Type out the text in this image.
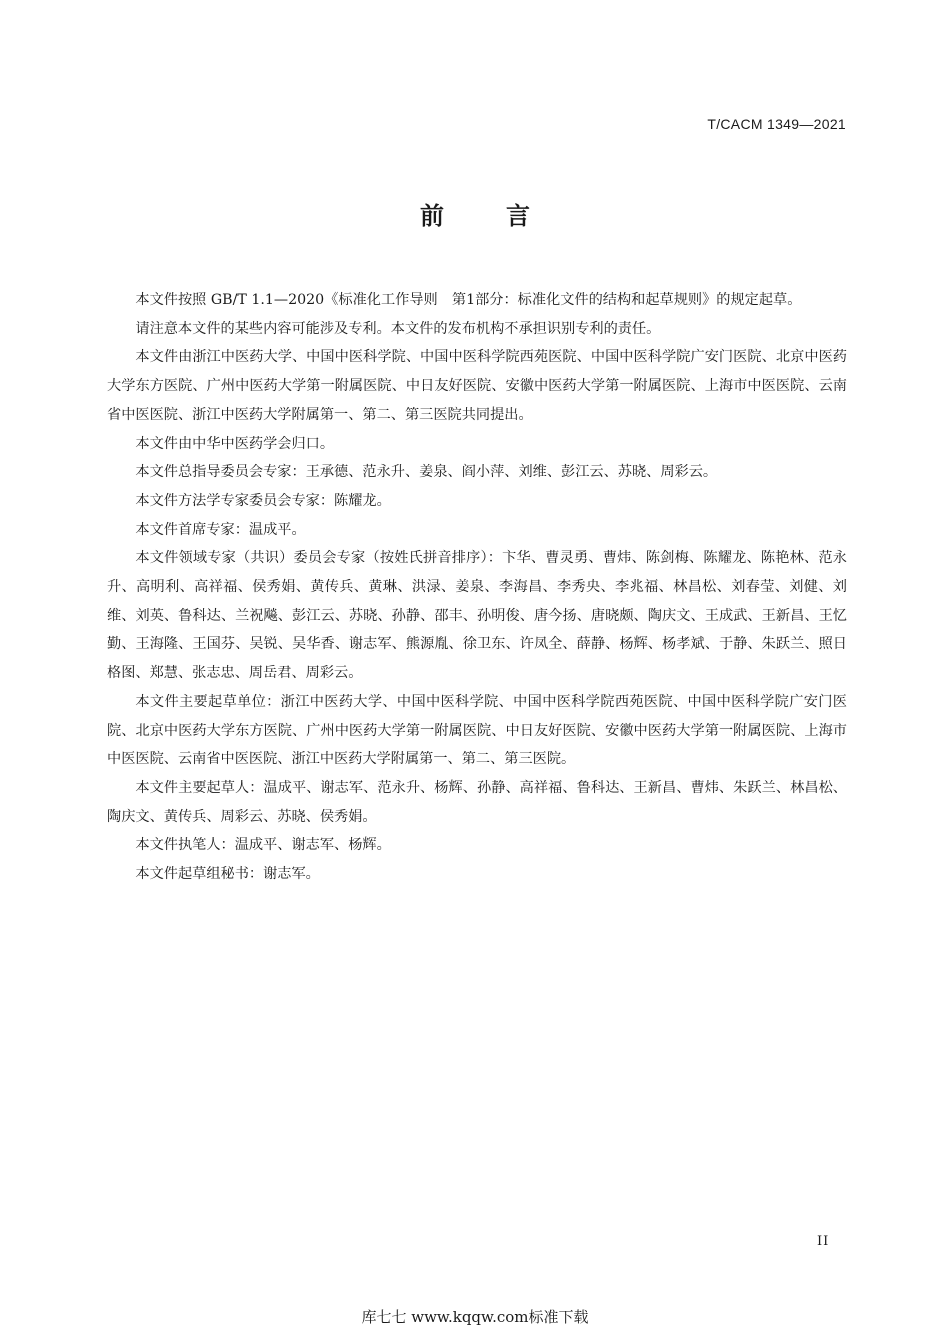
T/CACM 1349—2021
前言

本文件按照 GB/T 1.1—2020《标准化工作导则　第1部分：标准化文件的结构和起草规则》的规定起草。

请注意本文件的某些内容可能涉及专利。本文件的发布机构不承担识别专利的责任。

本文件由浙江中医药大学、中国中医科学院、中国中医科学院西苑医院、中国中医科学院广安门医院、北京中医药大学东方医院、广州中医药大学第一附属医院、中日友好医院、安徽中医药大学第一附属医院、上海市中医医院、云南省中医医院、浙江中医药大学附属第一、第二、第三医院共同提出。

本文件由中华中医药学会归口。

本文件总指导委员会专家：王承德、范永升、姜泉、阎小萍、刘维、彭江云、苏晓、周彩云。

本文件方法学专家委员会专家：陈耀龙。

本文件首席专家：温成平。

本文件领域专家（共识）委员会专家（按姓氏拼音排序）：卞华、曹灵勇、曹炜、陈剑梅、陈耀龙、陈艳林、范永升、高明利、高祥福、侯秀娟、黄传兵、黄琳、洪渌、姜泉、李海昌、李秀央、李兆福、林昌松、刘春莹、刘健、刘维、刘英、鲁科达、兰祝飚、彭江云、苏晓、孙静、邵丰、孙明俊、唐今扬、唐晓颇、陶庆文、王成武、王新昌、王忆勤、王海隆、王国芬、吴锐、吴华香、谢志军、熊源胤、徐卫东、许凤全、薛静、杨辉、杨孝斌、于静、朱跃兰、照日格图、郑慧、张志忠、周岳君、周彩云。

本文件主要起草单位：浙江中医药大学、中国中医科学院、中国中医科学院西苑医院、中国中医科学院广安门医院、北京中医药大学东方医院、广州中医药大学第一附属医院、中日友好医院、安徽中医药大学第一附属医院、上海市中医医院、云南省中医医院、浙江中医药大学附属第一、第二、第三医院。

本文件主要起草人：温成平、谢志军、范永升、杨辉、孙静、高祥福、鲁科达、王新昌、曹炜、朱跃兰、林昌松、陶庆文、黄传兵、周彩云、苏晓、侯秀娟。

本文件执笔人：温成平、谢志军、杨辉。

本文件起草组秘书：谢志军。

II
库七七 www.kqqw.com标准下载
